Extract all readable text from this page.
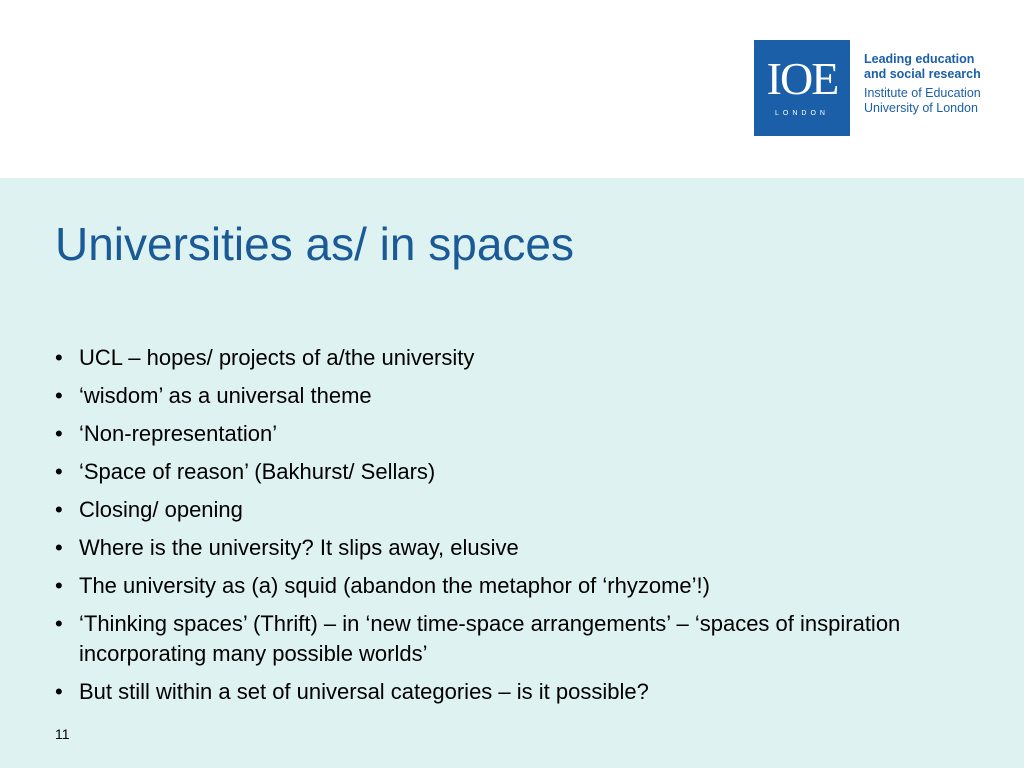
IOE
LONDON
Leading education
and social research
Institute of Education
University of London
Universities as/ in spaces
• UCL – hopes/ projects of a/the university
• ‘wisdom’ as a universal theme
• ‘Non-representation’
• ‘Space of reason’ (Bakhurst/ Sellars)
• Closing/ opening
• Where is the university? It slips away, elusive
• The university as (a) squid (abandon the metaphor of ‘rhyzome’!)
• ‘Thinking spaces’ (Thrift) – in ‘new time-space arrangements’ – ‘spaces of inspiration incorporating many possible worlds’
• But still within a set of universal categories – is it possible?
11
